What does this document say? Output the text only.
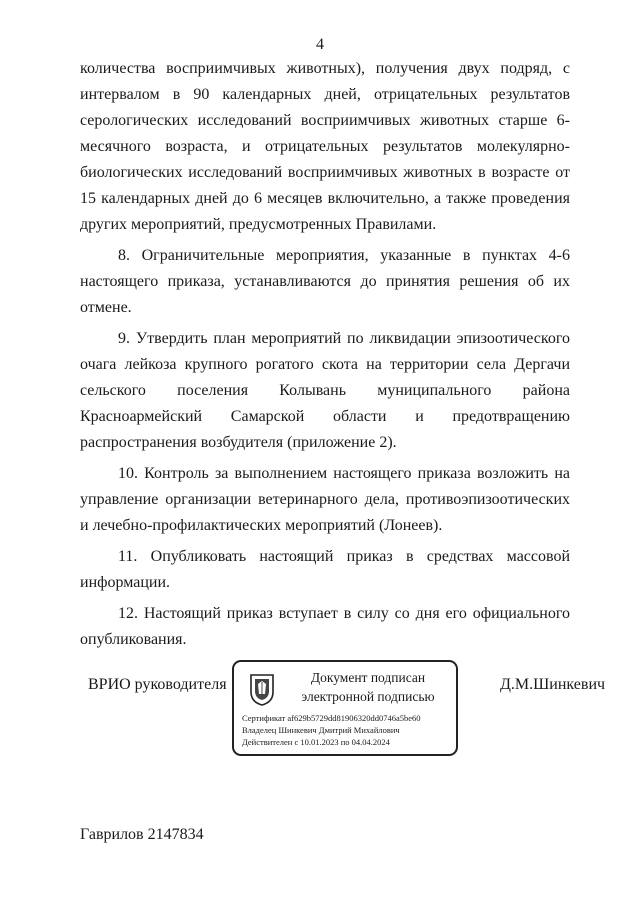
4

количества восприимчивых животных), получения двух подряд, с интервалом в 90 календарных дней, отрицательных результатов серологических исследований восприимчивых животных старше 6-месячного возраста, и отрицательных результатов молекулярно-биологических исследований восприимчивых животных в возрасте от 15 календарных дней до 6 месяцев включительно, а также проведения других мероприятий, предусмотренных Правилами.

8. Ограничительные мероприятия, указанные в пунктах 4-6 настоящего приказа, устанавливаются до принятия решения об их отмене.

9. Утвердить план мероприятий по ликвидации эпизоотического очага лейкоза крупного рогатого скота на территории села Дергачи сельского поселения Колывань муниципального района Красноармейский Самарской области и предотвращению распространения возбудителя (приложение 2).

10. Контроль за выполнением настоящего приказа возложить на управление организации ветеринарного дела, противоэпизоотических и лечебно-профилактических мероприятий (Лонеев).

11. Опубликовать настоящий приказ в средствах массовой информации.

12. Настоящий приказ вступает в силу со дня его официального опубликования.

ВРИО руководителя	Документ подписан
электронной подписью
Сертификат af629b5729dd81906320dd0746a5be60
Владелец Шинкевич Дмитрий Михайлович
Действителен с 10.01.2023 по 04.04.2024
Д.М.Шинкевич
Гаврилов 2147834
